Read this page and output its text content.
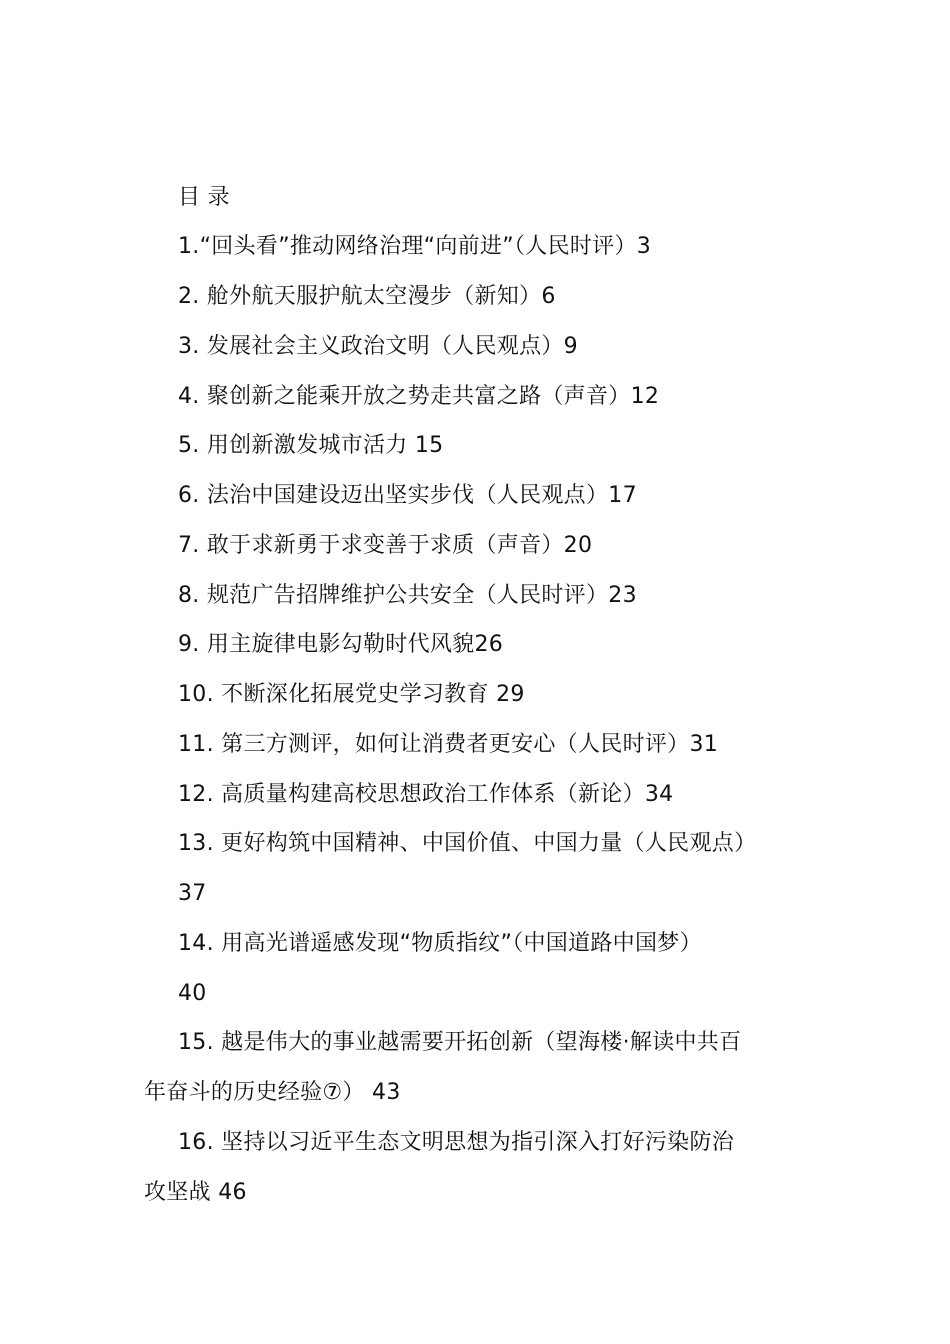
目 录
1.“回头看”推动网络治理“向前进”（人民时评）3
2. 舱外航天服护航太空漫步（新知）6
3. 发展社会主义政治文明（人民观点）9
4. 聚创新之能乘开放之势走共富之路（声音）12
5. 用创新激发城市活力 15
6. 法治中国建设迈出坚实步伐（人民观点）17
7. 敢于求新勇于求变善于求质（声音）20
8. 规范广告招牌维护公共安全（人民时评）23
9. 用主旋律电影勾勒时代风貌26
10. 不断深化拓展党史学习教育 29
11. 第三方测评，如何让消费者更安心（人民时评）31
12. 高质量构建高校思想政治工作体系（新论）34
13. 更好构筑中国精神、中国价值、中国力量（人民观点）
37
14. 用高光谱遥感发现“物质指纹”（中国道路中国梦）
40
15. 越是伟大的事业越需要开拓创新（望海楼·解读中共百
年奋斗的历史经验⑦） 43
16. 坚持以习近平生态文明思想为指引深入打好污染防治
攻坚战 46
